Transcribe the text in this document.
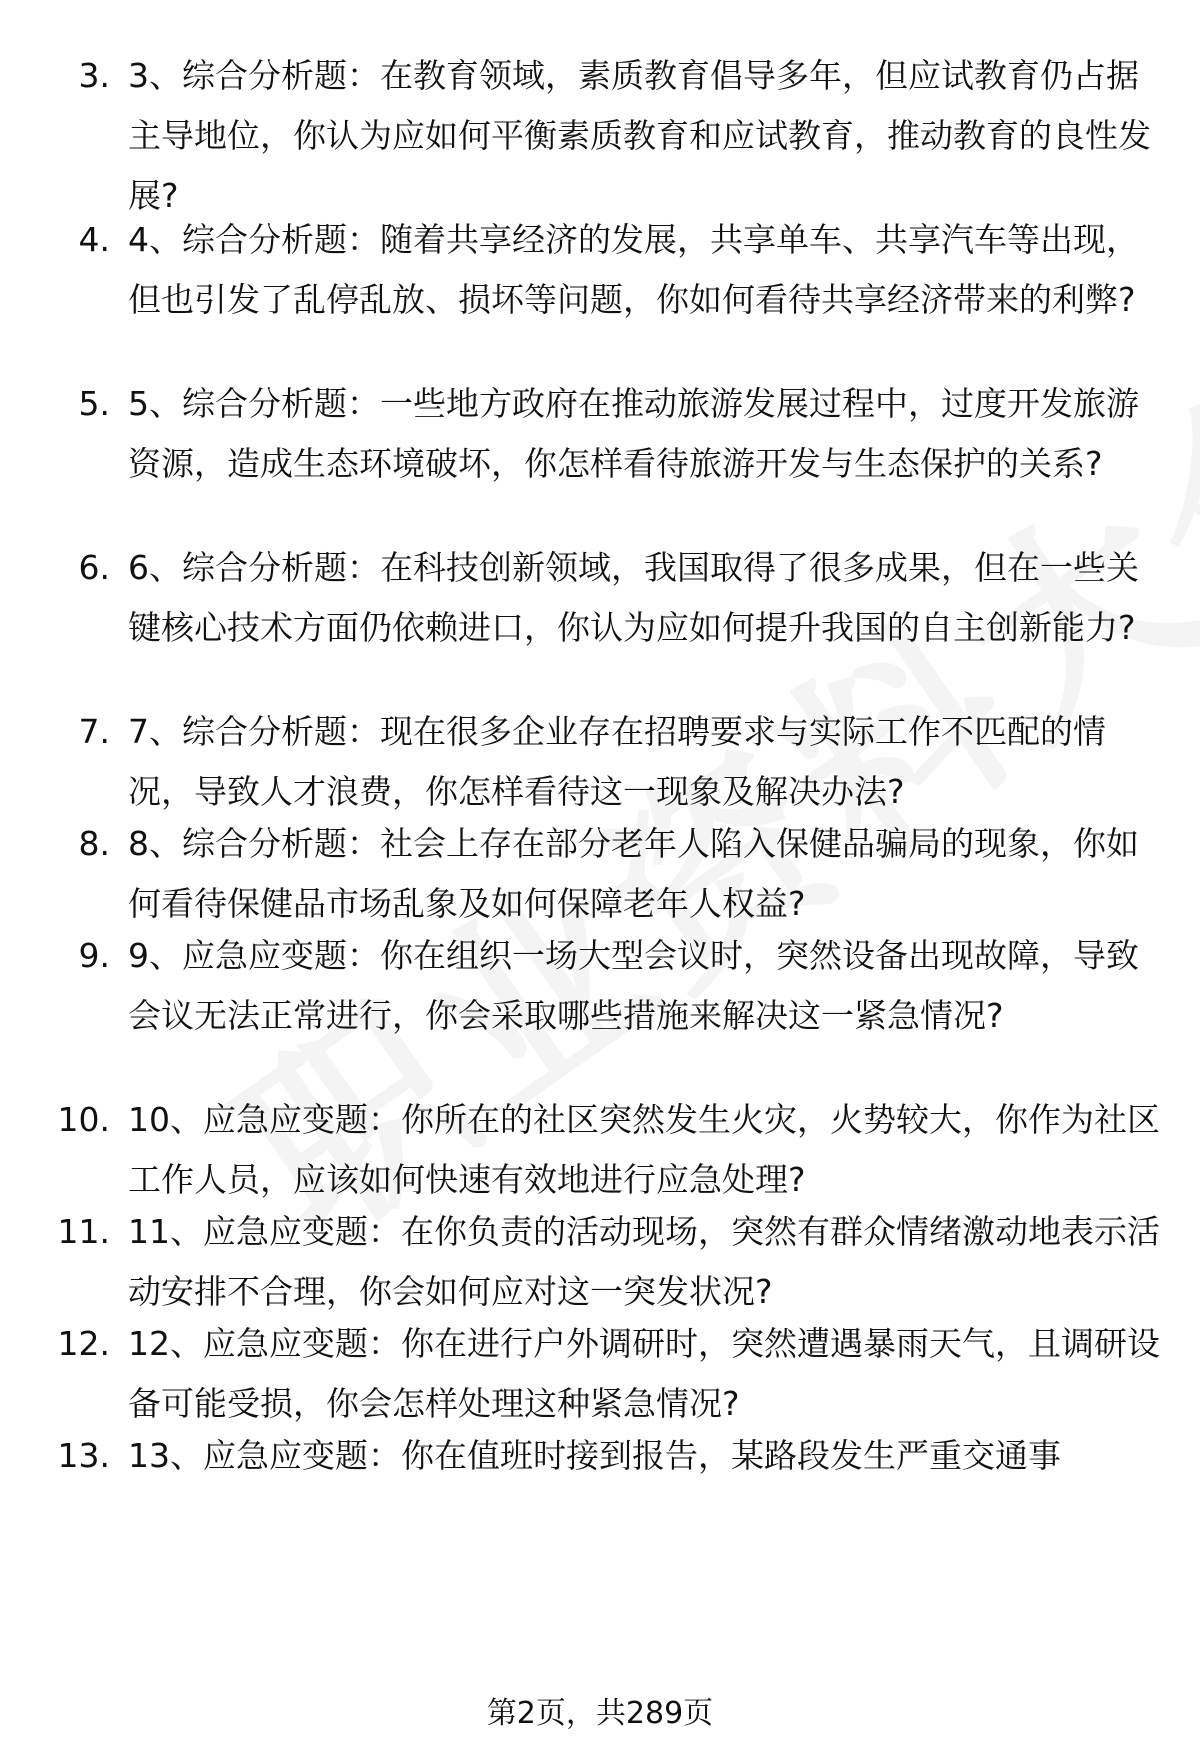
3. 3、综合分析题：在教育领域，素质教育倡导多年，但应试教育仍占据主导地位，你认为应如何平衡素质教育和应试教育，推动教育的良性发展?
4. 4、综合分析题：随着共享经济的发展，共享单车、共享汽车等出现，但也引发了乱停乱放、损坏等问题，你如何看待共享经济带来的利弊?
5. 5、综合分析题：一些地方政府在推动旅游发展过程中，过度开发旅游资源，造成生态环境破坏，你怎样看待旅游开发与生态保护的关系?
6. 6、综合分析题：在科技创新领域，我国取得了很多成果，但在一些关键核心技术方面仍依赖进口，你认为应如何提升我国的自主创新能力?
7. 7、综合分析题：现在很多企业存在招聘要求与实际工作不匹配的情况，导致人才浪费，你怎样看待这一现象及解决办法?
8. 8、综合分析题：社会上存在部分老年人陷入保健品骗局的现象，你如何看待保健品市场乱象及如何保障老年人权益?
9. 9、应急应变题：你在组织一场大型会议时，突然设备出现故障，导致会议无法正常进行，你会采取哪些措施来解决这一紧急情况?
10. 10、应急应变题：你所在的社区突然发生火灾，火势较大，你作为社区工作人员，应该如何快速有效地进行应急处理?
11. 11、应急应变题：在你负责的活动现场，突然有群众情绪激动地表示活动安排不合理，你会如何应对这一突发状况?
12. 12、应急应变题：你在进行户外调研时，突然遭遇暴雨天气，且调研设备可能受损，你会怎样处理这种紧急情况?
13. 13、应急应变题：你在值班时接到报告，某路段发生严重交通事
第2页，共289页
